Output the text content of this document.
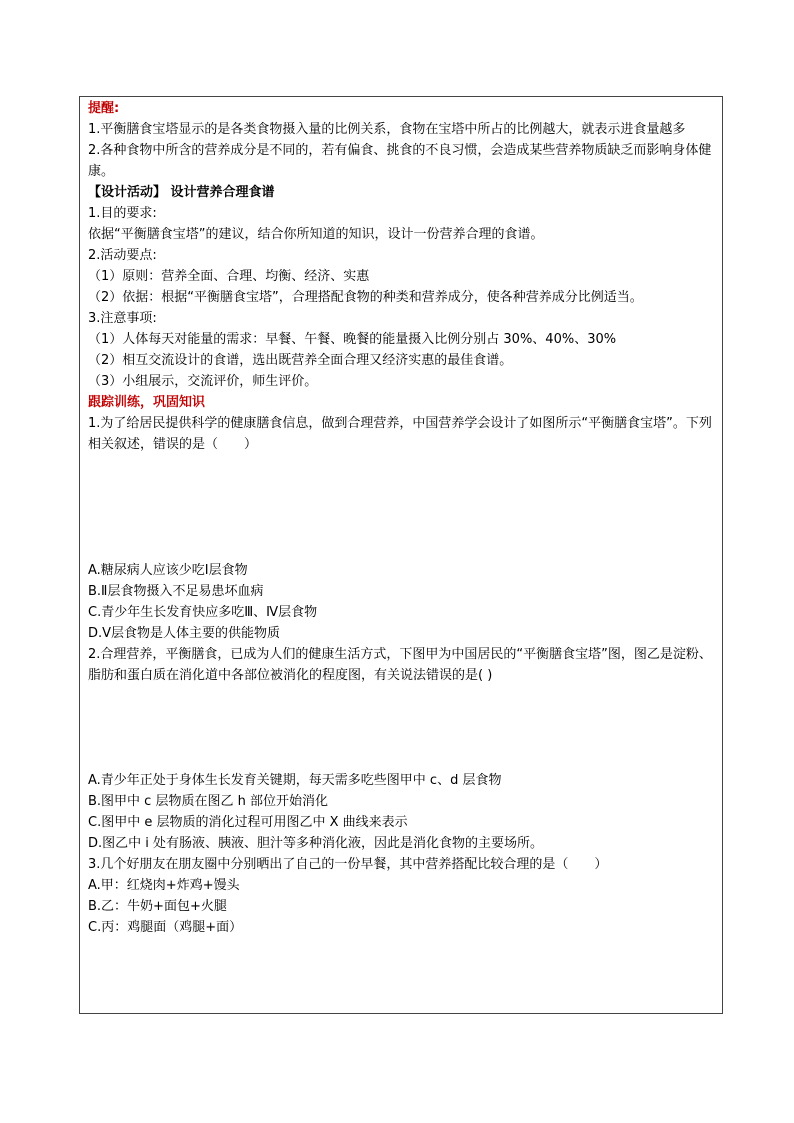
提醒:

1.平衡膳食宝塔显示的是各类食物摄入量的比例关系，食物在宝塔中所占的比例越大，就表示进食量越多

2.各种食物中所含的营养成分是不同的，若有偏食、挑食的不良习惯，会造成某些营养物质缺乏而影响身体健康。

【设计活动】 设计营养合理食谱

1.目的要求:

依据“平衡膳食宝塔”的建议，结合你所知道的知识，设计一份营养合理的食谱。

2.活动要点:

（1）原则：营养全面、合理、均衡、经济、实惠

（2）依据：根据“平衡膳食宝塔”，合理搭配食物的种类和营养成分，使各种营养成分比例适当。

3.注意事项:

（1）人体每天对能量的需求：早餐、午餐、晚餐的能量摄入比例分别占 30%、40%、30%

（2）相互交流设计的食谱，选出既营养全面合理又经济实惠的最佳食谱。

（3）小组展示，交流评价，师生评价。

跟踪训练，巩固知识

1.为了给居民提供科学的健康膳食信息，做到合理营养，中国营养学会设计了如图所示“平衡膳食宝塔”。下列相关叙述，错误的是（　　）

A.糖尿病人应该少吃Ⅰ层食物

B.Ⅱ层食物摄入不足易患坏血病

C.青少年生长发育快应多吃Ⅲ、Ⅳ层食物

D.Ⅴ层食物是人体主要的供能物质

2.合理营养，平衡膳食，已成为人们的健康生活方式，下图甲为中国居民的“平衡膳食宝塔”图，图乙是淀粉、脂肪和蛋白质在消化道中各部位被消化的程度图，有关说法错误的是( )

A.青少年正处于身体生长发育关键期，每天需多吃些图甲中 c、d 层食物

B.图甲中 c 层物质在图乙 h 部位开始消化

C.图甲中 e 层物质的消化过程可用图乙中 X 曲线来表示

D.图乙中 i 处有肠液、胰液、胆汁等多种消化液，因此是消化食物的主要场所。

3.几个好朋友在朋友圈中分别晒出了自己的一份早餐，其中营养搭配比较合理的是（　　）

A.甲：红烧肉+炸鸡+馒头

B.乙：牛奶+面包+火腿

C.丙：鸡腿面（鸡腿+面）
